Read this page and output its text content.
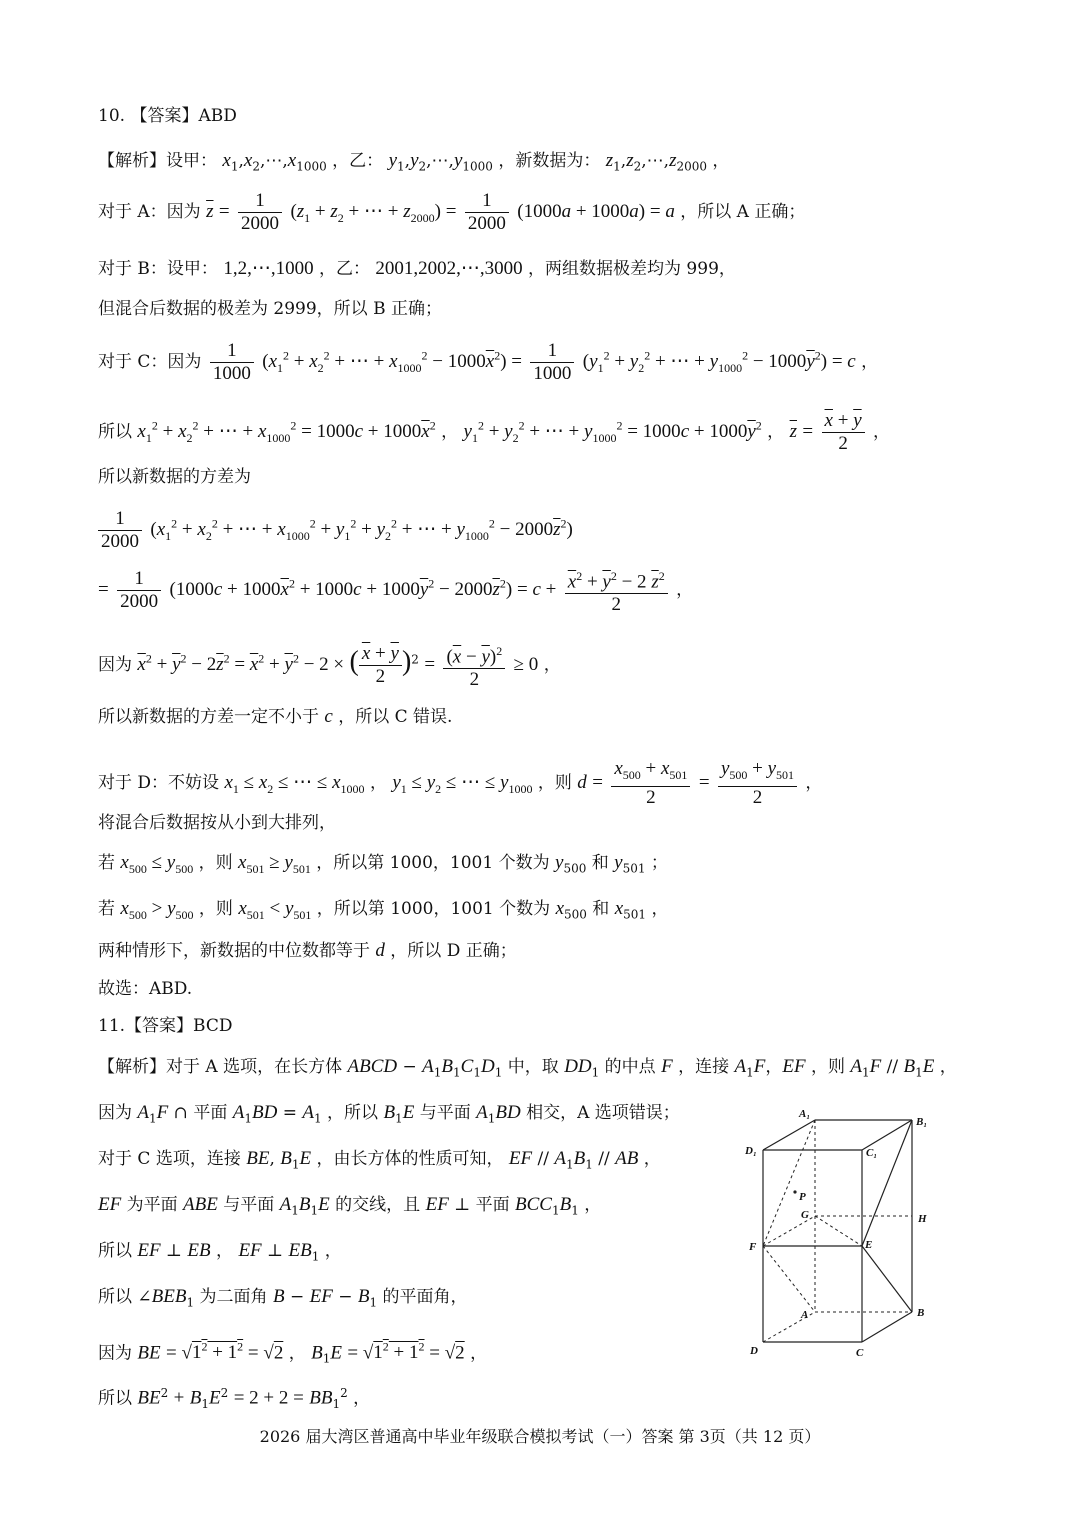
10. 【答案】ABD
【解析】设甲： $x_1,x_2,\cdots,x_{1000}$ ，乙： $y_1,y_2,\cdots,y_{1000}$ ，新数据为： $z_1,z_2,\cdots,z_{2000}$ ，
对于 A：因为 $\overline{z} = \frac{1}{2000} (z_1 + z_2$ + ⋯ + $z_{2000}) = \frac{1}{2000} (1000a + 1000a) = a$ ，所以 A 正确；
对于 B：设甲： 1,2,⋯,1000 ，乙： 2001,2002,⋯,3000 ，两组数据极差均为 999，
但混合后数据的极差为 2999，所以 B 正确；
对于 C：因为 $\frac{1}{1000} (x_1^2 + x_2^2$ + ⋯ + $x_{1000}^2 - 1000\overline{x}^2) = \frac{1}{1000} (y_1^2 + y_2^2$ + ⋯ + $y_{1000}^2 - 1000\overline{y}^2) = c$ ，
所以 $x_1^2 + x_2^2$ + ⋯ + $x_{1000}^2 = 1000c + 1000\overline{x}^2$ ， $y_1^2 + y_2^2$ + ⋯ + $y_{1000}^2 = 1000c + 1000\overline{y}^2$ ， $\overline{z} = \frac{\overline{x} + \overline{y}}{2}$ ，
所以新数据的方差为
$\frac{1}{2000} (x_1^2 + x_2^2$ + ⋯ + $x_{1000}^2 + y_1^2 + y_2^2$ + ⋯ + $y_{1000}^2 - 2000\overline{z}^2$)
= $\frac{1}{2000} (1000c + 1000\overline{x}^2 + 1000c + 1000\overline{y}^2 - 2000\overline{z}^2) = c + \frac{\overline{x}^2 + \overline{y}^2 - 2 \overline{z}^2}{2}$ ，
因为 $\overline{x}^2 + \overline{y}^2 - 2\overline{z}^2 = \overline{x}^2 + \overline{y}^2 - 2$ × ( $\frac{\overline{x} + \overline{y}}{2} )^2 = \frac{(\overline{x} - \overline{y})^2}{2} \ge 0$ ，
所以新数据的方差一定不小于 c ，所以 C 错误.
对于 D：不妨设 $x_1 \le x_2$ ≤ ⋯ ≤ $x_{1000}$ ， $y_1 \le y_2$ ≤ ⋯ ≤ $y_{1000}$ ，则 $d = \frac{x_{500} + x_{501}}{2} = \frac{y_{500} + y_{501}}{2}$ ，
将混合后数据按从小到大排列，
若 $x_{500} \le y_{500}$ ，则 $x_{501} \ge y_{501}$ ，所以第 1000，1001 个数为 $y_{500}$ 和 $y_{501}$ ；
若 $x_{500} > y_{500}$ ，则 $x_{501} < y_{501}$ ，所以第 1000，1001 个数为 $x_{500}$ 和 $x_{501}$ ，
两种情形下，新数据的中位数都等于 d ，所以 D 正确；
故选：ABD.
11.【答案】BCD
【解析】对于 A 选项，在长方体 ABCD − $A_1B_1C_1D_1$ 中，取 $DD_1$ 的中点 F ，连接 $A_1F$，EF ，则 $A_1F // B_1E$ ，
因为 $A_1F$ ∩ 平面 $A_1BD = A_1$ ，所以 $B_1E$ 与平面 $A_1BD$ 相交，A 选项错误；
对于 C 选项，连接 BE, $B_1E$ ，由长方体的性质可知， EF // $A_1B_1$ // AB ，
EF 为平面 ABE 与平面 $A_1B_1E$ 的交线，且 EF ⊥ 平面 $BCC_1B_1$ ，
所以 EF ⊥ EB ， EF ⊥ $EB_1$ ，
所以 $\angle BEB_1$ 为二面角 B − EF − $B_1$ 的平面角，
因为 BE = $√1^2 + 1^2 = √2$ ， $B_1E = √1^2 + 1^2 = √2$ ，
所以 $BE^2 + B_1E^2 = 2 + 2 = BB_1^2$ ，
A₁
B₁
D₁	C₁
P
G	H
F	E
A	B
D	C
2026 届大湾区普通高中毕业年级联合模拟考试（一）答案 第 3页（共 12 页）
